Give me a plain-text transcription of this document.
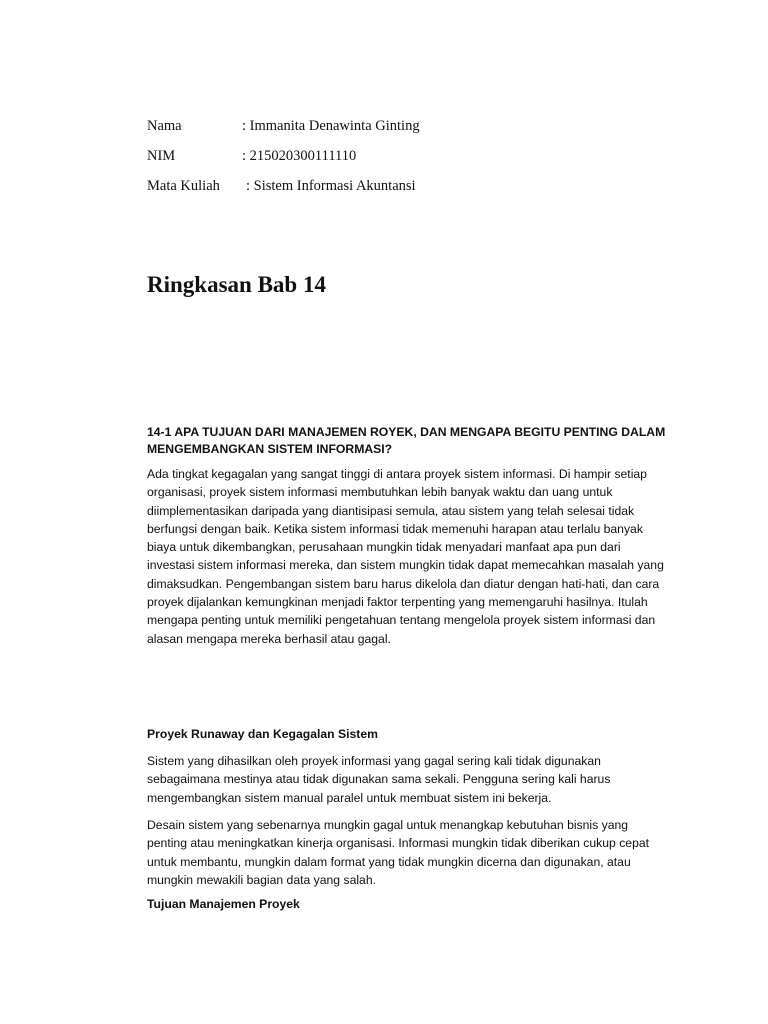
Nama	: Immanita Denawinta Ginting
NIM	: 215020300111110
Mata Kuliah : Sistem Informasi Akuntansi
Ringkasan Bab 14
14-1 APA TUJUAN DARI MANAJEMEN ROYEK, DAN MENGAPA BEGITU PENTING DALAM MENGEMBANGKAN SISTEM INFORMASI?

Ada tingkat kegagalan yang sangat tinggi di antara proyek sistem informasi. Di hampir setiap organisasi, proyek sistem informasi membutuhkan lebih banyak waktu dan uang untuk diimplementasikan daripada yang diantisipasi semula, atau sistem yang telah selesai tidak berfungsi dengan baik. Ketika sistem informasi tidak memenuhi harapan atau terlalu banyak biaya untuk dikembangkan, perusahaan mungkin tidak menyadari manfaat apa pun dari investasi sistem informasi mereka, dan sistem mungkin tidak dapat memecahkan masalah yang dimaksudkan. Pengembangan sistem baru harus dikelola dan diatur dengan hati-hati, dan cara proyek dijalankan kemungkinan menjadi faktor terpenting yang memengaruhi hasilnya. Itulah mengapa penting untuk memiliki pengetahuan tentang mengelola proyek sistem informasi dan alasan mengapa mereka berhasil atau gagal.

Proyek Runaway dan Kegagalan Sistem

Sistem yang dihasilkan oleh proyek informasi yang gagal sering kali tidak digunakan sebagaimana mestinya atau tidak digunakan sama sekali. Pengguna sering kali harus mengembangkan sistem manual paralel untuk membuat sistem ini bekerja.

Desain sistem yang sebenarnya mungkin gagal untuk menangkap kebutuhan bisnis yang penting atau meningkatkan kinerja organisasi. Informasi mungkin tidak diberikan cukup cepat untuk membantu, mungkin dalam format yang tidak mungkin dicerna dan digunakan, atau mungkin mewakili bagian data yang salah.

Tujuan Manajemen Proyek
